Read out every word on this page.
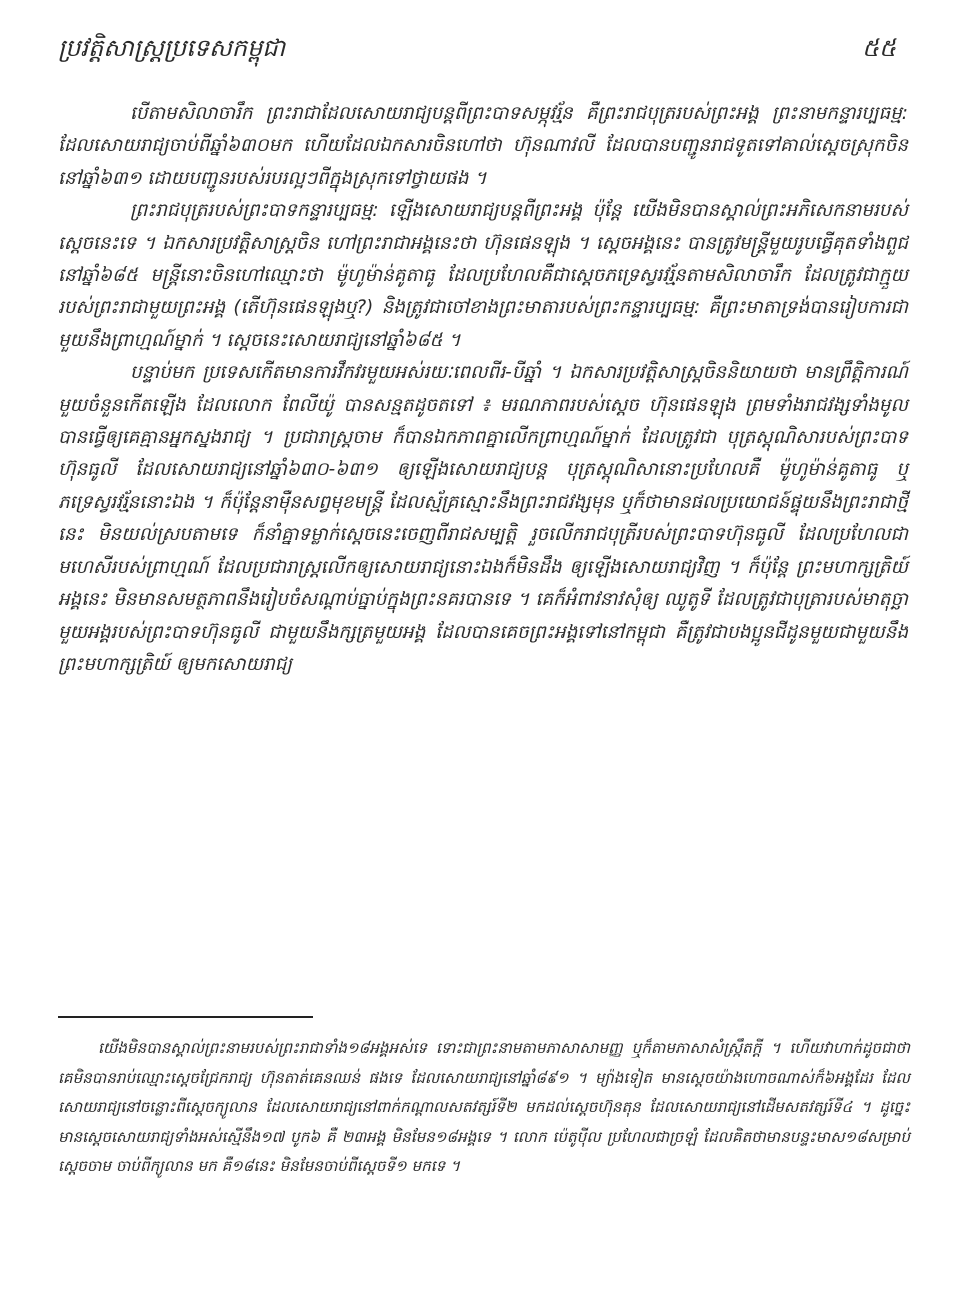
ប្រវត្តិសាស្ត្រប្រទេសកម្ពុជា	៥៥

បើតាមសិលាចារឹក ព្រះរាជាដែលសោយរាជ្យបន្តពីព្រះបាទសម្ភុវរ្ម័ន គឺព្រះរាជបុត្ររបស់ព្រះអង្គ ព្រះនាមកន្ទារប្បធម្ម: ដែលសោយរាជ្យចាប់ពីឆ្នាំ៦៣០មក ហើយដែលឯកសារចិនហៅថា ហ៊ុនណាវលី ដែលបានបញ្ជូនរាជទូតទៅគាល់ស្តេចស្រុកចិននៅឆ្នាំ៦៣១ ដោយបញ្ជូនរបស់របរល្អៗពីក្នុងស្រុកទៅថ្វាយផង ។

ព្រះរាជបុត្ររបស់ព្រះបាទកន្ទារប្បធម្ម: ឡើងសោយរាជ្យបន្តពីព្រះអង្គ ប៉ុន្តែ យើងមិនបានស្គាល់ព្រះអភិសេកនាមរបស់ស្តេចនេះទេ ។ ឯកសារប្រវត្តិសាស្ត្រចិន ហៅព្រះរាជាអង្គនេះថា ហ៊ុនផេនឡុង ។ ស្តេចអង្គនេះ បានត្រូវមន្ត្រីមួយរូបធ្វើគុតទាំងពួជ នៅឆ្នាំ៦៨៥ មន្ត្រីនោះចិនហៅឈ្មោះថា ម៉ូហូម៉ាន់គូតាធូ ដែលប្រហែលគឺជាស្តេចភទ្រេស្វរវរ្ម័នតាមសិលាចារឹក ដែលត្រូវជាក្មួយរបស់ព្រះរាជាមួយព្រះអង្គ (តើហ៊ុនផេនឡុងឬ?) និងត្រូវជាចៅខាងព្រះមាតារបស់ព្រះកន្ទារប្បធម្ម: គឺព្រះមាតាទ្រង់បានរៀបការជាមួយនឹងព្រាហ្មណ៍ម្នាក់ ។ ស្តេចនេះសោយរាជ្យនៅឆ្នាំ៦៨៥ ។

បន្ទាប់មក ប្រទេសកើតមានការវឹកវរមួយអស់រយៈពេលពីរ-បីឆ្នាំ ។ ឯកសារប្រវត្តិសាស្ត្រចិននិយាយថា មានព្រឹត្តិការណ៍មួយចំនួនកើតឡើង ដែលលោក ពែលីយ៉ូ បានសន្មតដូចតទៅ ៖ មរណភាពរបស់ស្តេច ហ៊ុនផេនឡុង ព្រមទាំងរាជវង្សទាំងមូលបានធ្វើឲ្យគេគ្មានអ្នកស្នងរាជ្យ ។ ប្រជារាស្ត្រចាម ក៏បានឯកភាពគ្នាលើកព្រាហ្មណ៍ម្នាក់ ដែលត្រូវជា បុត្រស្ដុណិសារបស់ព្រះបាទហ៊ុនធូលី ដែលសោយរាជ្យនៅឆ្នាំ៦៣០-៦៣១ ឲ្យឡើងសោយរាជ្យបន្ត បុត្រស្ដុណិសានោះប្រហែលគឺ ម៉ូហូម៉ាន់គូតាធូ ឬ ភទ្រេស្វរវរ្ម័ននោះឯង ។ ក៏ប៉ុន្តែនាម៉ឺនសព្វមុខមន្ត្រី ដែលស្ម័គ្រស្មោះនឹងព្រះរាជវង្សមុន ឬក៏ថាមានផលប្រយោជន៍ផ្ទុយនឹងព្រះរាជាថ្មីនេះ មិនយល់ស្របតាមទេ ក៏នាំគ្នាទម្លាក់ស្តេចនេះចេញពីរាជសម្បត្តិ រួចលើករាជបុត្រីរបស់ព្រះបាទហ៊ុនធូលី ដែលប្រហែលជាមហេសីរបស់ព្រាហ្មណ៍ ដែលប្រជារាស្ត្រលើកឲ្យសោយរាជ្យនោះឯងក៏មិនដឹង ឲ្យឡើងសោយរាជ្យវិញ ។ ក៏ប៉ុន្តែ ព្រះមហាក្សត្រិយ៍អង្គនេះ មិនមានសមត្ថភាពនឹងរៀបចំសណ្តាប់ធ្នាប់ក្នុងព្រះនគរបានទេ ។ គេក៏អំពាវនាវសុំឲ្យ ឈូតូទី ដែលត្រូវជាបុត្រារបស់មាតុច្ឆាមួយអង្គរបស់ព្រះបាទហ៊ុនធូលី ជាមួយនឹងក្សត្រមួយអង្គ ដែលបានគេចព្រះអង្គទៅនៅកម្ពុជា គឺត្រូវជាបងប្អូនជីដូនមួយជាមួយនឹងព្រះមហាក្សត្រិយ៍ ឲ្យមកសោយរាជ្យ

យើងមិនបានស្គាល់ព្រះនាមរបស់ព្រះរាជាទាំង១៨អង្គអស់ទេ ទោះជាព្រះនាមតាមភាសាសាមញ្ញ ឬក៏តាមភាសាសំស្ក្រឹតក្តី ។ ហើយវាហាក់ដូចជាថា គេមិនបានរាប់ឈ្មោះស្តេចជ្រែករាជ្យ ហ៊ុនតាត់គេនឈន់ ផងទេ ដែលសោយរាជ្យនៅឆ្នាំ៨៩១ ។ ម្យ៉ាងទៀត មានស្តេចយ៉ាងហោចណាស់ក៏៦អង្គដែរ ដែលសោយរាជ្យនៅចន្លោះពីស្តេចក្យូលាន ដែលសោយរាជ្យនៅពាក់កណ្តាលសតវត្សរ៍ទី២ មកដល់ស្តេចហ៊ុនតុន ដែលសោយរាជ្យនៅដើមសតវត្សរ៍ទី៤ ។ ដូច្នេះមានស្តេចសោយរាជ្យទាំងអស់ស្មើនឹង១៧ បូក៦ គឺ ២៣អង្គ មិនមែន១៨អង្គទេ ។ លោក ប៉េតូប៉ីល ប្រហែលជាច្រឡំ ដែលគិតថាមានបន្ទះមាស១៨សម្រាប់ស្តេចចាម ចាប់ពីក្យូលាន មក គឺ១៨នេះ មិនមែនចាប់ពីស្តេចទី១ មកទេ ។
